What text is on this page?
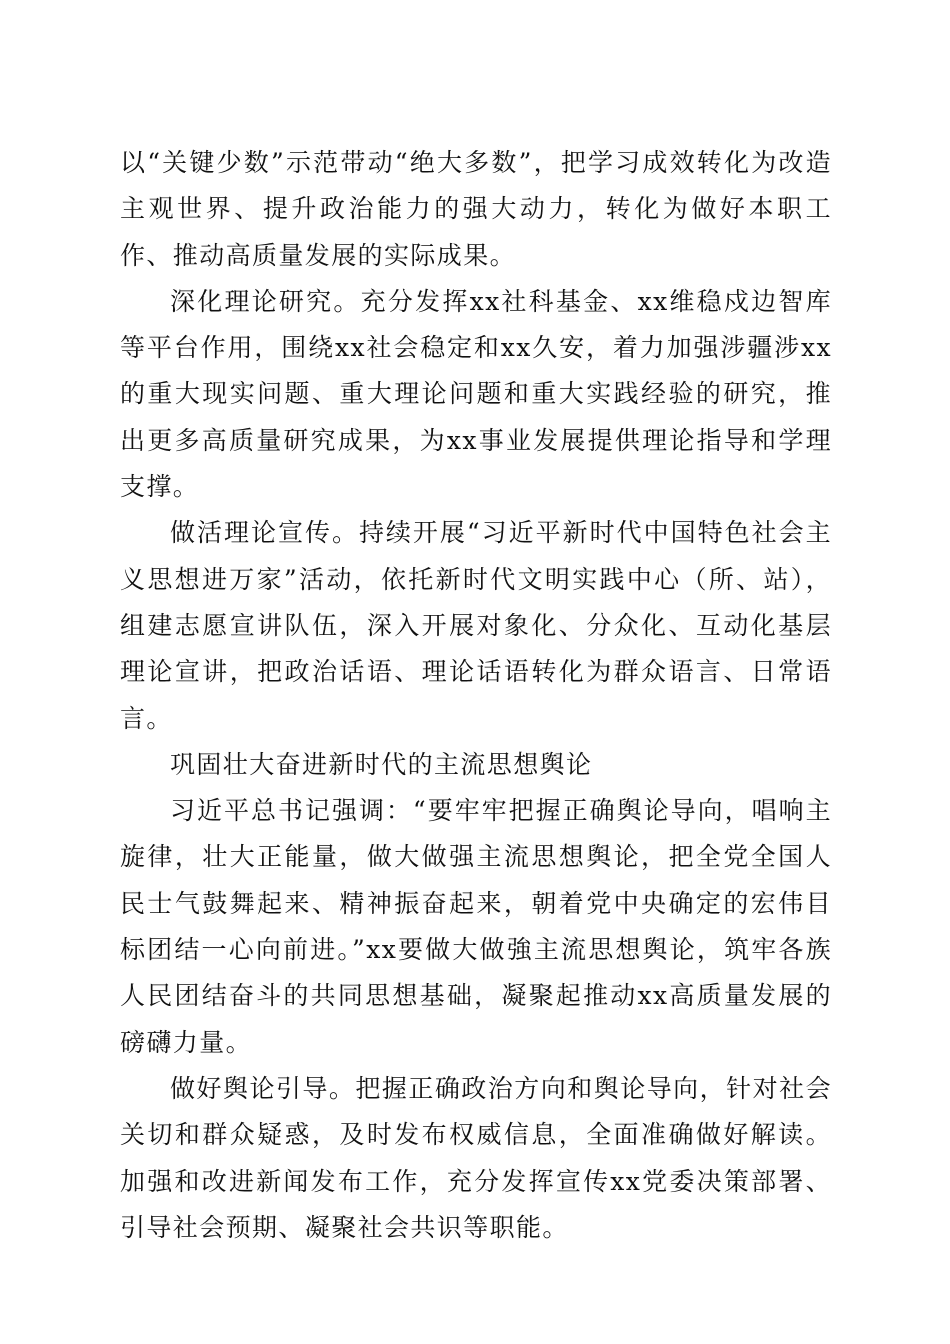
以“关键少数”示范带动“绝大多数”，把学习成效转化为改造主观世界、提升政治能力的强大动力，转化为做好本职工作、推动高质量发展的实际成果。

深化理论研究。充分发挥xx社科基金、xx维稳戍边智库等平台作用，围绕xx社会稳定和xx久安，着力加强涉疆涉xx的重大现实问题、重大理论问题和重大实践经验的研究，推出更多高质量研究成果，为xx事业发展提供理论指导和学理支撑。

做活理论宣传。持续开展“习近平新时代中国特色社会主义思想进万家”活动，依托新时代文明实践中心（所、站），组建志愿宣讲队伍，深入开展对象化、分众化、互动化基层理论宣讲，把政治话语、理论话语转化为群众语言、日常语言。

巩固壮大奋进新时代的主流思想舆论

习近平总书记强调：“要牢牢把握正确舆论导向，唱响主旋律，壮大正能量，做大做强主流思想舆论，把全党全国人民士气鼓舞起来、精神振奋起来，朝着党中央确定的宏伟目标团结一心向前进。”xx要做大做強主流思想舆论，筑牢各族人民团结奋斗的共同思想基础，凝聚起推动xx高质量发展的磅礴力量。

做好舆论引导。把握正确政治方向和舆论导向，针对社会关切和群众疑惑，及时发布权威信息，全面准确做好解读。加强和改进新闻发布工作，充分发挥宣传xx党委决策部署、引导社会预期、凝聚社会共识等职能。
